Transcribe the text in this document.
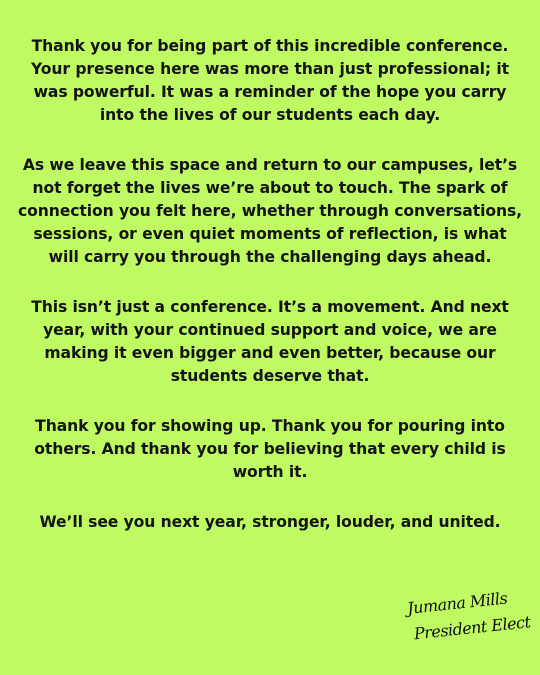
Thank you for being part of this incredible conference. Your presence here was more than just professional; it was powerful. It was a reminder of the hope you carry into the lives of our students each day.

As we leave this space and return to our campuses, let’s not forget the lives we’re about to touch. The spark of connection you felt here, whether through conversations, sessions, or even quiet moments of reflection, is what will carry you through the challenging days ahead.

This isn’t just a conference. It’s a movement. And next year, with your continued support and voice, we are making it even bigger and even better, because our students deserve that.

Thank you for showing up. Thank you for pouring into others. And thank you for believing that every child is worth it.

We’ll see you next year, stronger, louder, and united.

Jumana Mills
President Elect
